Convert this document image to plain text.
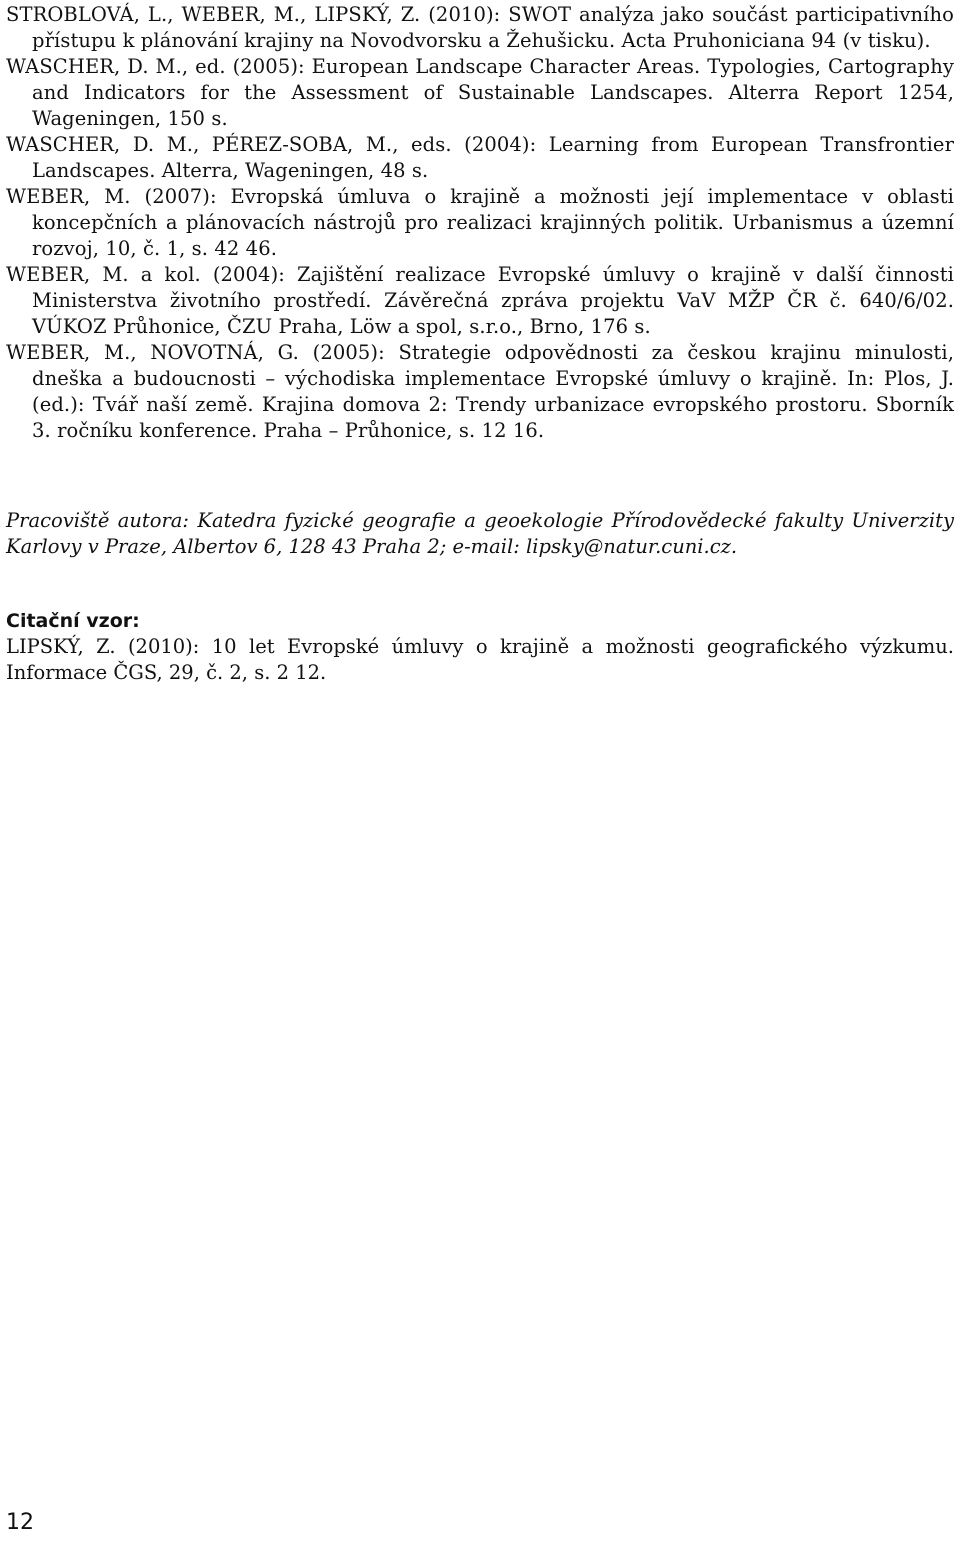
STROBLOVÁ, L., WEBER, M., LIPSKÝ, Z. (2010): SWOT analýza jako součást participativního přístupu k plánování krajiny na Novodvorsku a Žehušicku. Acta Pruhoniciana 94 (v tisku).

WASCHER, D. M., ed. (2005): European Landscape Character Areas. Typologies, Cartography and Indicators for the Assessment of Sustainable Landscapes. Alterra Report 1254, Wageningen, 150 s.

WASCHER, D. M., PÉREZ-SOBA, M., eds. (2004): Learning from European Transfrontier Landscapes. Alterra, Wageningen, 48 s.

WEBER, M. (2007): Evropská úmluva o krajině a možnosti její implementace v oblasti koncepčních a plánovacích nástrojů pro realizaci krajinných politik. Urbanismus a územní rozvoj, 10, č. 1, s. 42 46.

WEBER, M. a kol. (2004): Zajištění realizace Evropské úmluvy o krajině v další činnosti Ministerstva životního prostředí. Závěrečná zpráva projektu VaV MŽP ČR č. 640/6/02. VÚKOZ Průhonice, ČZU Praha, Löw a spol, s.r.o., Brno, 176 s.

WEBER, M., NOVOTNÁ, G. (2005): Strategie odpovědnosti za českou krajinu minulosti, dneška a budoucnosti – východiska implementace Evropské úmluvy o krajině. In: Plos, J. (ed.): Tvář naší země. Krajina domova 2: Trendy urbanizace evropského prostoru. Sborník 3. ročníku konference. Praha – Průhonice, s. 12 16.

Pracoviště autora: Katedra fyzické geografie a geoekologie Přírodovědecké fakulty Univerzity Karlovy v Praze, Albertov 6, 128 43 Praha 2; e-mail: lipsky@natur.cuni.cz.

Citační vzor:

LIPSKÝ, Z. (2010): 10 let Evropské úmluvy o krajině a možnosti geografického výzkumu. Informace ČGS, 29, č. 2, s. 2 12.

12
